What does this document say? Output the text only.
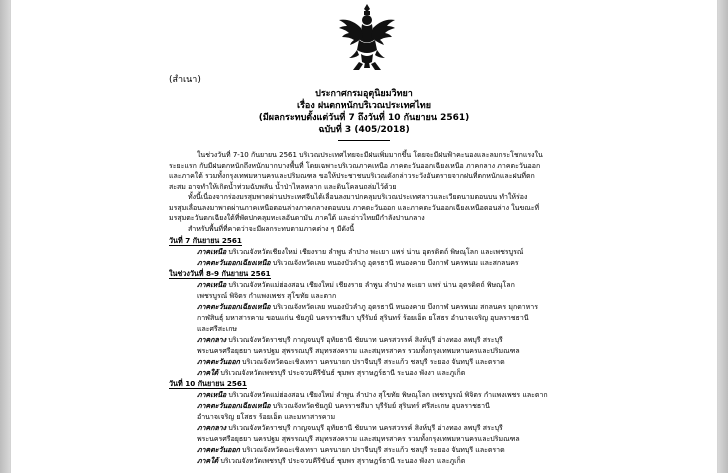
(สำเนา)
ประกาศกรมอุตุนิยมวิทยา
เรื่อง ฝนตกหนักบริเวณประเทศไทย
(มีผลกระทบตั้งแต่วันที่ 7 ถึงวันที่ 10 กันยายน 2561)
ฉบับที่ 3 (405/2018)
ในช่วงวันที่ 7-10 กันยายน 2561 บริเวณประเทศไทยจะมีฝนเพิ่มมากขึ้น โดยจะมีฝนฟ้าคะนองและลมกระโชกแรงใน
ระยะแรก กับมีฝนตกหนักถึงหนักมากบางพื้นที่ โดยเฉพาะบริเวณภาคเหนือ ภาคตะวันออกเฉียงเหนือ ภาคกลาง ภาคตะวันออก
และภาคใต้ รวมทั้งกรุงเทพมหานครและปริมณฑล ขอให้ประชาชนบริเวณดังกล่าวระวังอันตรายจากฝนที่ตกหนักและฝนที่ตก
สะสม อาจทำให้เกิดน้ำท่วมฉับพลัน น้ำป่าไหลหลาก และดินโคลนถล่มไว้ด้วย
ทั้งนี้เนื่องจากร่องมรสุมพาดผ่านประเทศจีนได้เลื่อนลงมาปกคลุมบริเวณประเทศลาวและเวียดนามตอนบน ทำให้ร่อง
มรสุมเลื่อนลงมาพาดผ่านภาคเหนือตอนล่างภาคกลางตอนบน ภาคตะวันออก และภาคตะวันออกเฉียงเหนือตอนล่าง ในขณะที่
มรสุมตะวันตกเฉียงใต้ที่พัดปกคลุมทะเลอันดามัน ภาคใต้ และอ่าวไทยมีกำลังปานกลาง
สำหรับพื้นที่ที่คาดว่าจะมีผลกระทบตามภาคต่าง ๆ มีดังนี้
วันที่ 7 กันยายน 2561
ภาคเหนือ บริเวณจังหวัดเชียงใหม่ เชียงราย ลำพูน ลำปาง พะเยา แพร่ น่าน อุตรดิตถ์ พิษณุโลก และเพชรบูรณ์
ภาคตะวันออกเฉียงเหนือ บริเวณจังหวัดเลย หนองบัวลำภู อุดรธานี หนองคาย บึงกาฬ นครพนม และสกลนคร
ในช่วงวันที่ 8-9 กันยายน 2561
ภาคเหนือ บริเวณจังหวัดแม่ฮ่องสอน เชียงใหม่ เชียงราย ลำพูน ลำปาง พะเยา แพร่ น่าน อุตรดิตถ์ พิษณุโลก
เพชรบูรณ์ พิจิตร กำแพงเพชร สุโขทัย และตาก
ภาคตะวันออกเฉียงเหนือ บริเวณจังหวัดเลย หนองบัวลำภู อุดรธานี หนองคาย บึงกาฬ นครพนม สกลนคร มุกดาหาร
กาฬสินธุ์ มหาสารคาม ขอนแก่น ชัยภูมิ นครราชสีมา บุรีรัมย์ สุรินทร์ ร้อยเอ็ด ยโสธร อำนาจเจริญ อุบลราชธานี
และศรีสะเกษ
ภาคกลาง บริเวณจังหวัดราชบุรี กาญจนบุรี อุทัยธานี ชัยนาท นครสวรรค์ สิงห์บุรี อ่างทอง ลพบุรี สระบุรี
พระนครศรีอยุธยา นครปฐม สุพรรณบุรี สมุทรสงคราม และสมุทรสาคร รวมทั้งกรุงเทพมหานครและปริมณฑล
ภาคตะวันออก บริเวณจังหวัดฉะเชิงเทรา นครนายก ปราจีนบุรี สระแก้ว ชลบุรี ระยอง จันทบุรี และตราด
ภาคใต้ บริเวณจังหวัดเพชรบุรี ประจวบคีรีขันธ์ ชุมพร สุราษฎร์ธานี ระนอง พังงา และภูเก็ต
วันที่ 10 กันยายน 2561
ภาคเหนือ บริเวณจังหวัดแม่ฮ่องสอน เชียงใหม่ ลำพูน ลำปาง สุโขทัย พิษณุโลก เพชรบูรณ์ พิจิตร กำแพงเพชร และตาก
ภาคตะวันออกเฉียงเหนือ บริเวณจังหวัดชัยภูมิ นครราชสีมา บุรีรัมย์ สุรินทร์ ศรีสะเกษ อุบลราชธานี
อำนาจเจริญ ยโสธร ร้อยเอ็ด และมหาสารคาม
ภาคกลาง บริเวณจังหวัดราชบุรี กาญจนบุรี อุทัยธานี ชัยนาท นครสวรรค์ สิงห์บุรี อ่างทอง ลพบุรี สระบุรี
พระนครศรีอยุธยา นครปฐม สุพรรณบุรี สมุทรสงคราม และสมุทรสาคร รวมทั้งกรุงเทพมหานครและปริมณฑล
ภาคตะวันออก บริเวณจังหวัดฉะเชิงเทรา นครนายก ปราจีนบุรี สระแก้ว ชลบุรี ระยอง จันทบุรี และตราด
ภาคใต้ บริเวณจังหวัดเพชรบุรี ประจวบคีรีขันธ์ ชุมพร สุราษฎร์ธานี ระนอง พังงา และภูเก็ต
